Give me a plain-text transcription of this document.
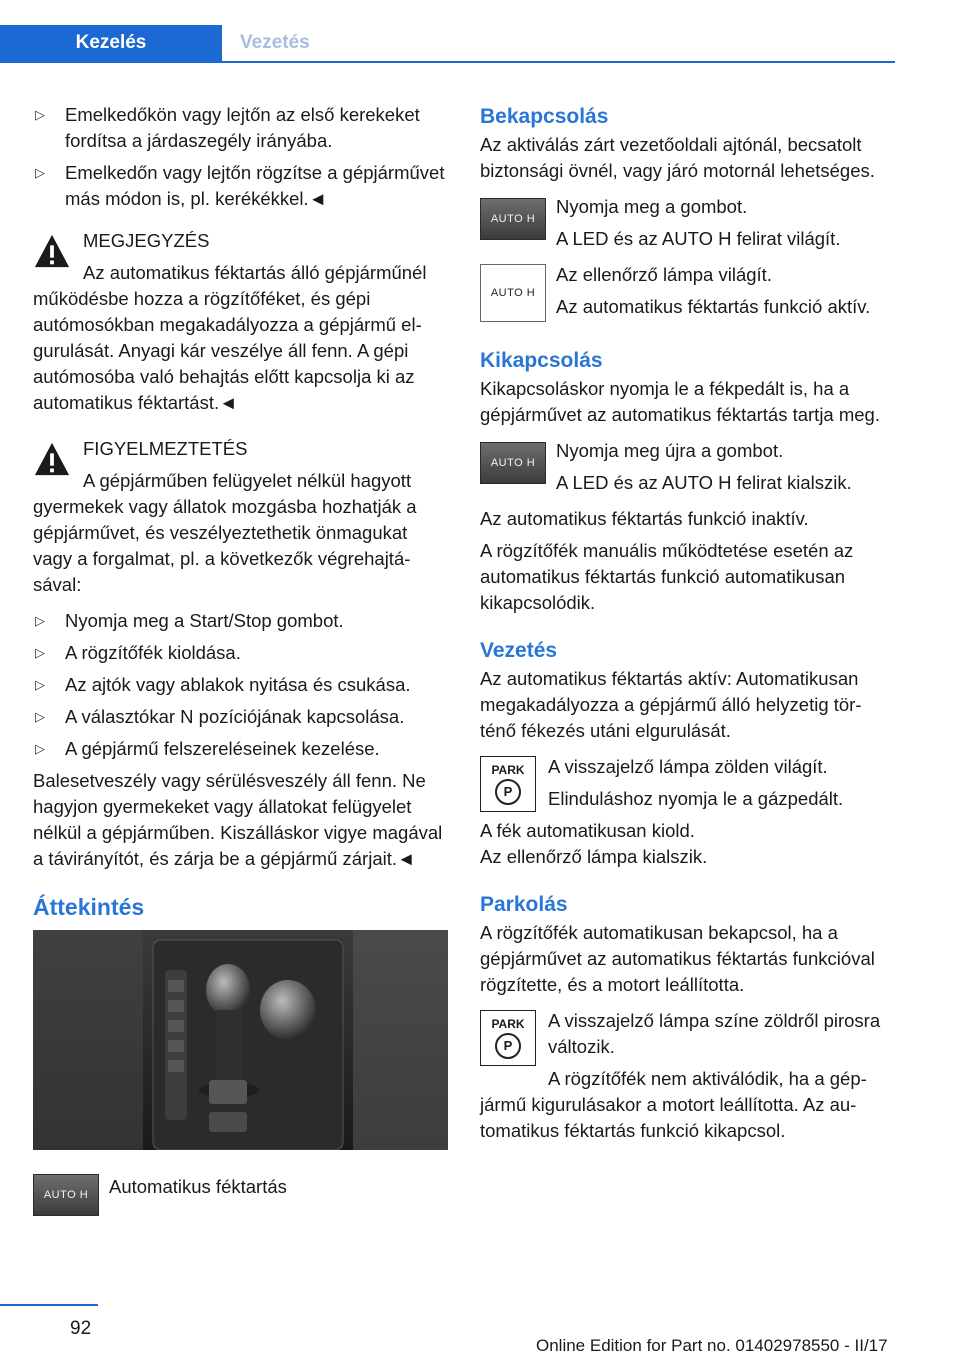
Kezelés	Vezetés

▷ Emelkedőkön vagy lejtőn az első kerekeket fordítsa a járdaszegély irányába.

▷ Emelkedőn vagy lejtőn rögzítse a gépjárművet más módon is, pl. kerékékkel.◄

MEGJEGYZÉS

Az automatikus féktartás álló gépjárműnél működésbe hozza a rögzítőféket, és gépi autómosókban megakadályozza a gépjármű elgurulását. Anyagi kár veszélye áll fenn. A gépi autómosóba való behajtás előtt kapcsolja ki az automatikus féktartást.◄

FIGYELMEZTETÉS

A gépjárműben felügyelet nélkül hagyott gyermekek vagy állatok mozgásba hozhatják a gépjárművet, és veszélyeztethetik önmagukat vagy a forgalmat, pl. a következők végrehajtásával:

▷ Nyomja meg a Start/Stop gombot.

▷ A rögzítőfék kioldása.

▷ Az ajtók vagy ablakok nyitása és csukása.

▷ A választókar N pozíciójának kapcsolása.

▷ A gépjármű felszereléseinek kezelése.

Balesetveszély vagy sérülésveszély áll fenn. Ne hagyjon gyermekeket vagy állatokat felügyelet nélkül a gépjárműben. Kiszálláskor vigye magával a távirányítót, és zárja be a gépjármű zárjait.◄

Áttekintés
AUTO H	Automatikus féktartás

Bekapcsolás

Az aktiválás zárt vezetőoldali ajtónál, becsatolt biztonsági övnél, vagy járó motornál lehetséges.

AUTO H

Nyomja meg a gombot.

A LED és az AUTO H felirat világít.

AUTO H

Az ellenőrző lámpa világít.

Az automatikus féktartás funkció aktív.

Kikapcsolás

Kikapcsoláskor nyomja le a fékpedált is, ha a gépjárművet az automatikus féktartás tartja meg.

AUTO H

Nyomja meg újra a gombot.

A LED és az AUTO H felirat kialszik.

Az automatikus féktartás funkció inaktív.

A rögzítőfék manuális működtetése esetén az automatikus féktartás funkció automatikusan kikapcsolódik.

Vezetés

Az automatikus féktartás aktív: Automatikusan megakadályozza a gépjármű álló helyzetig történő fékezés utáni elgurulását.

PARK
P

A visszajelző lámpa zölden világít.

Elinduláshoz nyomja le a gázpedált.

A fék automatikusan kiold.

Az ellenőrző lámpa kialszik.

Parkolás

A rögzítőfék automatikusan bekapcsol, ha a gépjárművet az automatikus féktartás funkcióval rögzítette, és a motort leállította.

PARK
P

A visszajelző lámpa színe zöldről pirosra változik.

A rögzítőfék nem aktiválódik, ha a gépjármű kigurulásakor a motort leállította. Az automatikus féktartás funkció kikapcsol.

92
Online Edition for Part no. 01402978550 - II/17
